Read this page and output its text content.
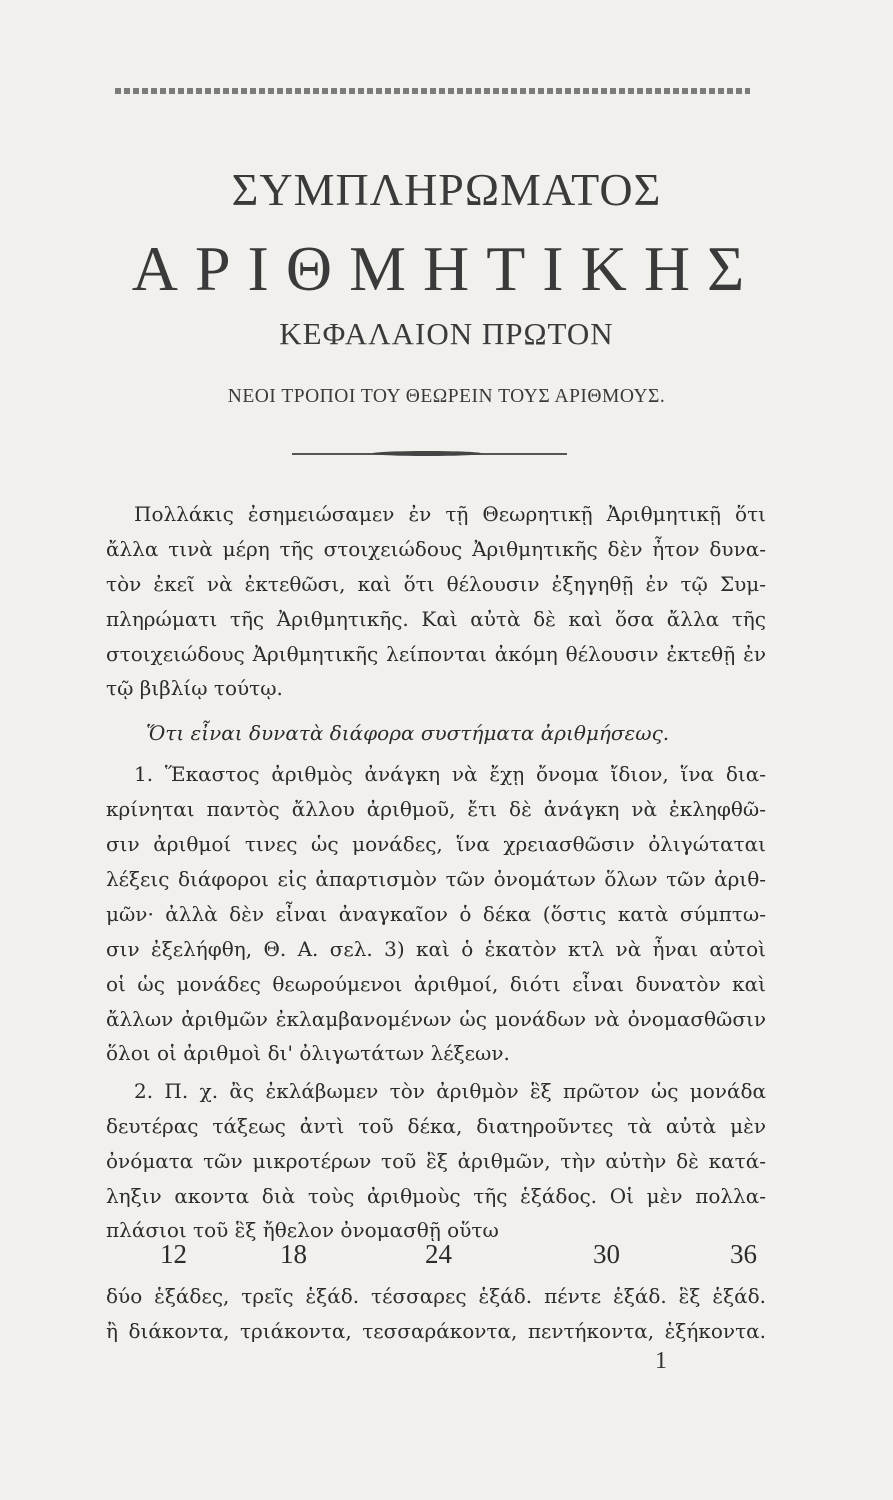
ΣΥΜΠΛΗΡΩΜΑΤΟΣ
ΑΡΙΘΜΗΤΙΚΗΣ
ΚΕΦΑΛΑΙΟΝ ΠΡΩΤΟΝ
ΝΕΟΙ ΤΡΟΠΟΙ ΤΟΥ ΘΕΩΡΕΙΝ ΤΟΥΣ ΑΡΙΘΜΟΥΣ.
Πολλάκις ἐσημειώσαμεν ἐν τῇ Θεωρητικῇ Ἀριθμητικῇ ὅτι
ἄλλα τινὰ μέρη τῆς στοιχειώδους Ἀριθμητικῆς δὲν ἦτον δυνα-
τὸν ἐκεῖ νὰ ἐκτεθῶσι, καὶ ὅτι θέλουσιν ἐξηγηθῇ ἐν τῷ Συμ-
πληρώματι τῆς Ἀριθμητικῆς. Καὶ αὐτὰ δὲ καὶ ὅσα ἄλλα τῆς
στοιχειώδους Ἀριθμητικῆς λείπονται ἀκόμη θέλουσιν ἐκτεθῇ ἐν
τῷ βιβλίῳ τούτῳ.
Ὅτι εἶναι δυνατὰ διάφορα συστήματα ἀριθμήσεως.
1. Ἕκαστος ἀριθμὸς ἀνάγκη νὰ ἔχῃ ὄνομα ἴδιον, ἵνα δια-
κρίνηται παντὸς ἄλλου ἀριθμοῦ, ἔτι δὲ ἀνάγκη νὰ ἐκληφθῶ-
σιν ἀριθμοί τινες ὡς μονάδες, ἵνα χρειασθῶσιν ὀλιγώταται
λέξεις διάφοροι εἰς ἀπαρτισμὸν τῶν ὀνομάτων ὅλων τῶν ἀριθ-
μῶν· ἀλλὰ δὲν εἶναι ἀναγκαῖον ὁ δέκα (ὅστις κατὰ σύμπτω-
σιν ἐξελήφθη, Θ. Α. σελ. 3) καὶ ὁ ἑκατὸν κτλ νὰ ἦναι αὐτοὶ
οἱ ὡς μονάδες θεωρούμενοι ἀριθμοί, διότι εἶναι δυνατὸν καὶ
ἄλλων ἀριθμῶν ἐκλαμβανομένων ὡς μονάδων νὰ ὀνομασθῶσιν
ὅλοι οἱ ἀριθμοὶ δι' ὀλιγωτάτων λέξεων.
2. Π. χ. ἂς ἐκλάβωμεν τὸν ἀριθμὸν ἓξ πρῶτον ὡς μονάδα
δευτέρας τάξεως ἀντὶ τοῦ δέκα, διατηροῦντες τὰ αὐτὰ μὲν
ὀνόματα τῶν μικροτέρων τοῦ ἓξ ἀριθμῶν, τὴν αὐτὴν δὲ κατά-
ληξιν ακοντα διὰ τοὺς ἀριθμοὺς τῆς ἑξάδος. Οἱ μὲν πολλα-
πλάσιοι τοῦ ἓξ ἤθελον ὀνομασθῇ οὕτω
δύο ἑξάδες, τρεῖς ἑξάδ. τέσσαρες ἑξάδ. πέντε ἑξάδ. ἓξ ἑξάδ.
ἢ διάκοντα, τριάκοντα, τεσσαράκοντα, πεντήκοντα, ἑξήκοντα.
12	18	24	30	36
1
